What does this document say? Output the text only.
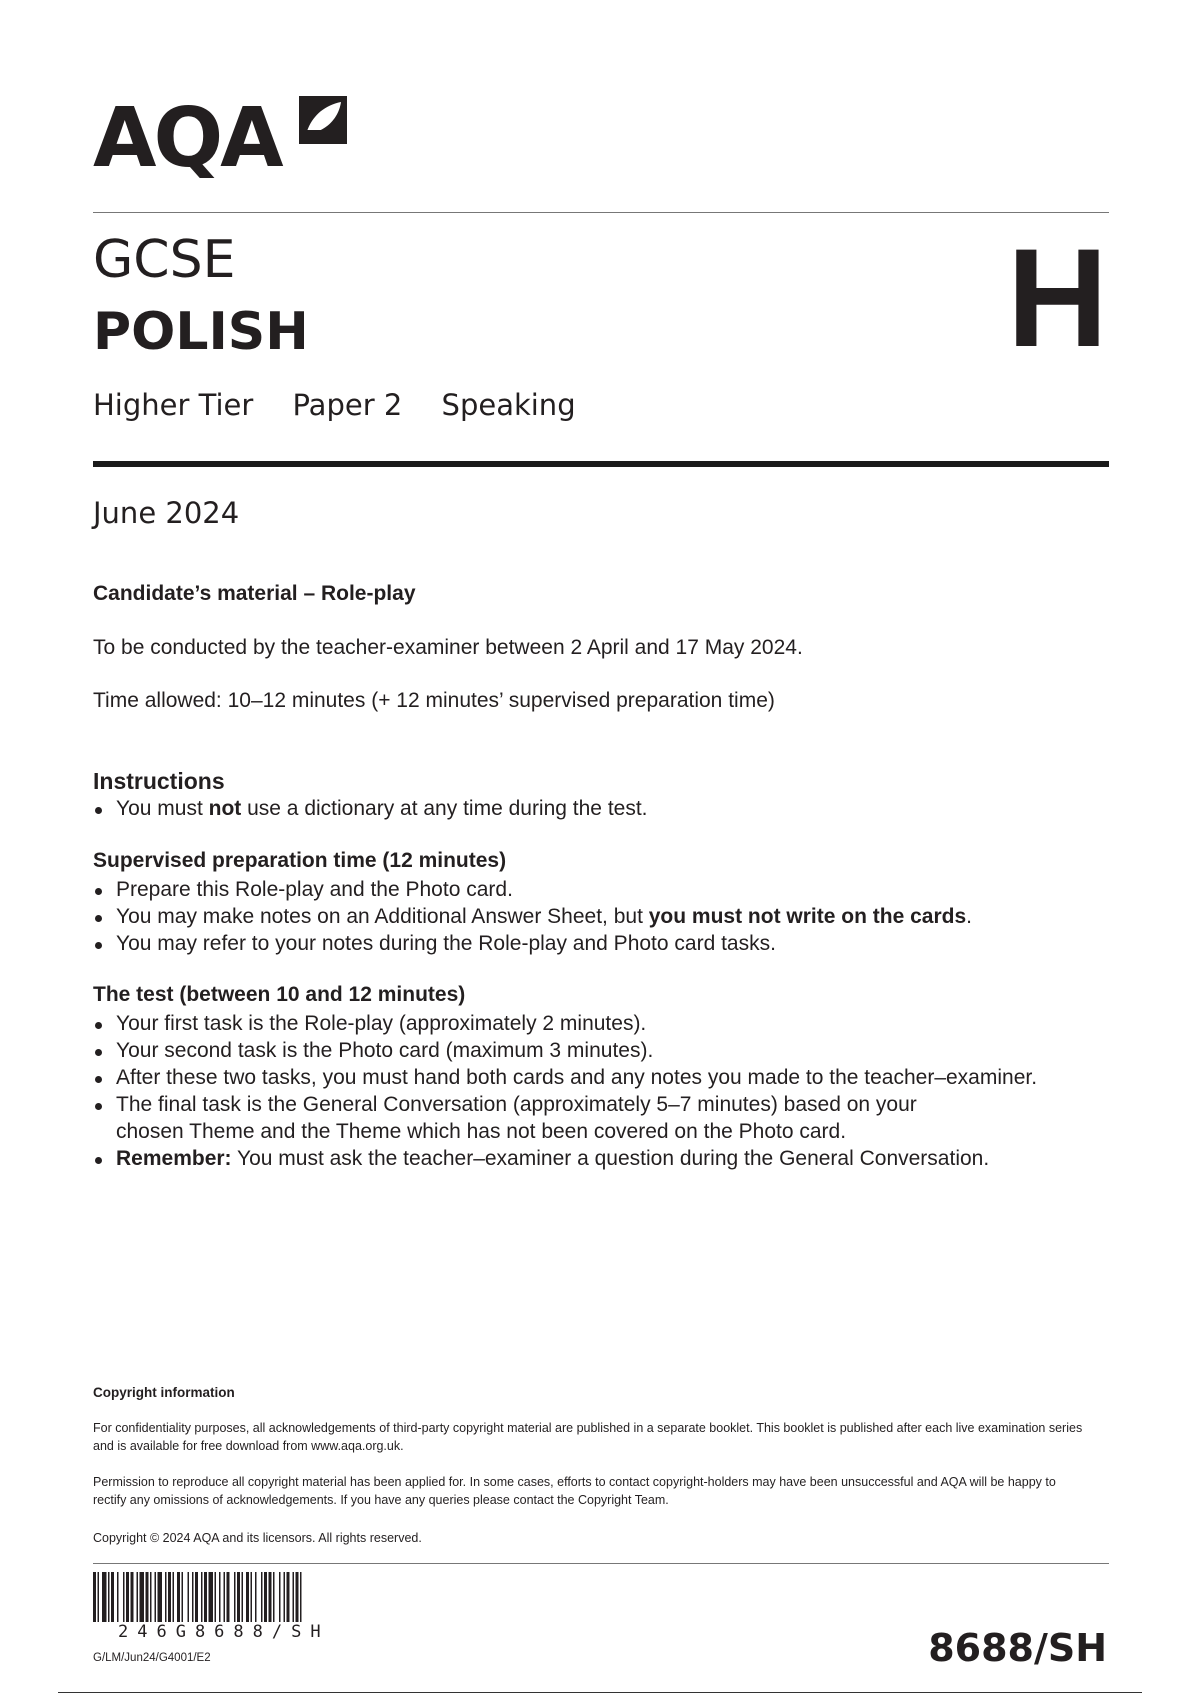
AQA
GCSE
POLISH	H
Higher Tier Paper 2 Speaking
June 2024
Candidate’s material – Role-play
To be conducted by the teacher-examiner between 2 April and 17 May 2024.
Time allowed: 10–12 minutes (+ 12 minutes’ supervised preparation time)
Instructions
You must not use a dictionary at any time during the test.
Supervised preparation time (12 minutes)
Prepare this Role-play and the Photo card.
You may make notes on an Additional Answer Sheet, but you must not write on the cards.
You may refer to your notes during the Role-play and Photo card tasks.
The test (between 10 and 12 minutes)
Your first task is the Role-play (approximately 2 minutes).
Your second task is the Photo card (maximum 3 minutes).
After these two tasks, you must hand both cards and any notes you made to the teacher–examiner.
The final task is the General Conversation (approximately 5–7 minutes) based on your
chosen Theme and the Theme which has not been covered on the Photo card.
Remember: You must ask the teacher–examiner a question during the General Conversation.
Copyright information
For confidentiality purposes, all acknowledgements of third-party copyright material are published in a separate booklet. This booklet is published after each live examination series and is available for free download from www.aqa.org.uk.
Permission to reproduce all copyright material has been applied for. In some cases, efforts to contact copyright-holders may have been unsuccessful and AQA will be happy to rectify any omissions of acknowledgements. If you have any queries please contact the Copyright Team.
Copyright © 2024 AQA and its licensors. All rights reserved.
246G8688/SH
G/LM/Jun24/G4001/E2	8688/SH
